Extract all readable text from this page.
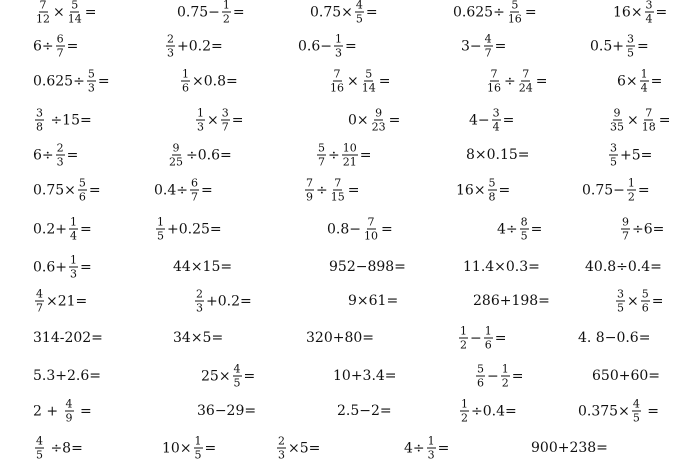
$\frac{7}{12} \times \frac{5}{14}$ =	$0.75- \frac{1}{2}$ =	$0.75\times \frac{4}{5}$ =	$0.625\div \frac{5}{16}$ =	$16\times \frac{3}{4}$ =
$6\div \frac{6}{7}$ =	$\frac{2}{3} +0.2=$	$0.6- \frac{1}{3}$ =	$3- \frac{4}{7}$ =	$0.5+ \frac{3}{5}$ =
$0.625\div \frac{5}{3}$ =	$\frac{1}{6} \times 0.8=$	$\frac{7}{16} \times \frac{5}{14}$ =	$\frac{7}{16} \div \frac{7}{24}$ =	$6\times \frac{1}{4}$ =
$\frac{3}{8} \div 15=$	$\frac{1}{3} \times \frac{3}{7}$ =	$0\times \frac{9}{23}$ =	$4- \frac{3}{4}$ =	$\frac{9}{35} \times \frac{7}{18}$ =
$6\div \frac{2}{3}$ =	$\frac{9}{25} \div 0.6=$	$\frac{5}{7} \div \frac{10}{21}$ =	8×0.15=	$\frac{3}{5} +5=$
$0.75\times \frac{5}{6}$ =	$0.4\div \frac{6}{7}$ =	$\frac{7}{9} \div \frac{7}{15}$ =	$16\times \frac{5}{8}$ =	$0.75- \frac{1}{2}$ =
$0.2+ \frac{1}{4}$ =	$\frac{1}{5} +0.25=$	$0.8- \frac{7}{10}$ =	$4\div \frac{8}{5}$ =	$\frac{9}{7} \div 6=$
$0.6+ \frac{1}{3}$ =	44×15=	952−898=	11.4×0.3=	40.8÷0.4=
$\frac{4}{7} \times 21=$	$\frac{2}{3} +0.2=$	9×61=	286+198=	$\frac{3}{5} \times \frac{5}{6}$ =
314-202=	34×5=	320+80=	$\frac{1}{2} - \frac{1}{6}$ =	4. 8−0.6=
5.3+2.6=	$25\times \frac{4}{5}$ =	10+3.4=	$\frac{5}{6} - \frac{1}{2}$ =	650+60=
$2 + \frac{4}{9}$ =	36−29=	2.5−2=	$\frac{1}{2} \div 0.4=$	$0.375\times \frac{4}{5}$ =
$\frac{4}{5} \div 8=$	$10\times \frac{1}{5}$ =	$\frac{2}{3} \times 5=$	$4\div \frac{1}{3}$ =	900+238=
